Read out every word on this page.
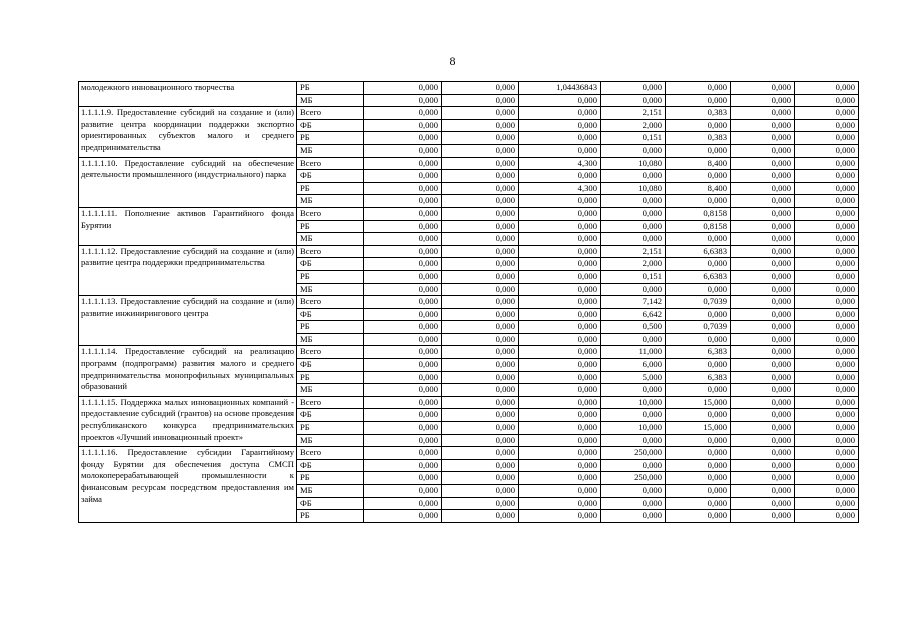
8
молодежного инновационного творчества	РБ	0,000	0,000	1,04436843	0,000	0,000	0,000	0,000
	МБ	0,000	0,000	0,000	0,000	0,000	0,000	0,000
1.1.1.1.9. Предоставление субсидий на создание и (или) развитие центра координации поддержки экспортно ориентированных субъектов малого и среднего предпринимательства	Всего	0,000	0,000	0,000	2,151	0,383	0,000	0,000
	ФБ	0,000	0,000	0,000	2,000	0,000	0,000	0,000
	РБ	0,000	0,000	0,000	0,151	0,383	0,000	0,000
	МБ	0,000	0,000	0,000	0,000	0,000	0,000	0,000
1.1.1.1.10. Предоставление субсидий на обеспечение деятельности промышленного (индустриального) парка	Всего	0,000	0,000	4,300	10,080	8,400	0,000	0,000
	ФБ	0,000	0,000	0,000	0,000	0,000	0,000	0,000
	РБ	0,000	0,000	4,300	10,080	8,400	0,000	0,000
	МБ	0,000	0,000	0,000	0,000	0,000	0,000	0,000
1.1.1.1.11. Пополнение активов Гарантийного фонда Бурятии	Всего	0,000	0,000	0,000	0,000	0,8158	0,000	0,000
	РБ	0,000	0,000	0,000	0,000	0,8158	0,000	0,000
	МБ	0,000	0,000	0,000	0,000	0,000	0,000	0,000
1.1.1.1.12. Предоставление субсидий на создание и (или) развитие центра поддержки предпринимательства	Всего	0,000	0,000	0,000	2,151	6,6383	0,000	0,000
	ФБ	0,000	0,000	0,000	2,000	0,000	0,000	0,000
	РБ	0,000	0,000	0,000	0,151	6,6383	0,000	0,000
	МБ	0,000	0,000	0,000	0,000	0,000	0,000	0,000
1.1.1.1.13. Предоставление субсидий на создание и (или) развитие инжинирингового центра	Всего	0,000	0,000	0,000	7,142	0,7039	0,000	0,000
	ФБ	0,000	0,000	0,000	6,642	0,000	0,000	0,000
	РБ	0,000	0,000	0,000	0,500	0,7039	0,000	0,000
	МБ	0,000	0,000	0,000	0,000	0,000	0,000	0,000
1.1.1.1.14. Предоставление субсидий на реализацию программ (подпрограмм) развития малого и среднего предпринимательства монопрофильных муниципальных образований	Всего	0,000	0,000	0,000	11,000	6,383	0,000	0,000
	ФБ	0,000	0,000	0,000	6,000	0,000	0,000	0,000
	РБ	0,000	0,000	0,000	5,000	6,383	0,000	0,000
	МБ	0,000	0,000	0,000	0,000	0,000	0,000	0,000
1.1.1.1.15. Поддержка малых инновационных компаний - предоставление субсидий (грантов) на основе проведения республиканского конкурса предпринимательских проектов «Лучший инновационный проект»	Всего	0,000	0,000	0,000	10,000	15,000	0,000	0,000
	ФБ	0,000	0,000	0,000	0,000	0,000	0,000	0,000
	РБ	0,000	0,000	0,000	10,000	15,000	0,000	0,000
	МБ	0,000	0,000	0,000	0,000	0,000	0,000	0,000
1.1.1.1.16. Предоставление субсидии Гарантийному фонду Бурятии для обеспечения доступа СМСП молокоперерабатывающей промышленности к финансовым ресурсам посредством предоставления им займа	Всего	0,000	0,000	0,000	250,000	0,000	0,000	0,000
	ФБ	0,000	0,000	0,000	0,000	0,000	0,000	0,000
	РБ	0,000	0,000	0,000	250,000	0,000	0,000	0,000
	МБ	0,000	0,000	0,000	0,000	0,000	0,000	0,000
	ФБ	0,000	0,000	0,000	0,000	0,000	0,000	0,000
	РБ	0,000	0,000	0,000	0,000	0,000	0,000	0,000
